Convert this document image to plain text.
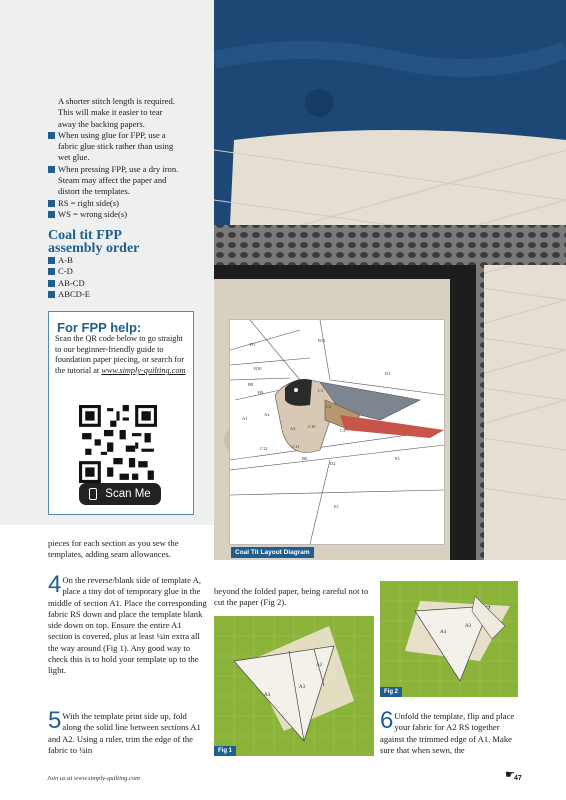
A shorter stitch length is required.
This will make it easier to tear
away the backing papers.
When using glue for FPP, use a
fabric glue stick rather than using
wet glue.
When pressing FPP, use a dry iron.
Steam may affect the paper and
distort the templates.
RS = right side(s)
WS = wrong side(s)
Coal tit FPP
assembly order
A-B
C-D
AB-CD
ABCD-E
For FPP help:
Scan the QR code below to go straight to our beginner-friendly guide to foundation paper piecing, or search for the tutorial at www.simply-quilting.com
Scan Me
B11
B1
B10
B8
B9
D1
A1
A2
A3
C1
C2
C3
C12	C11
C10
E1
D2
E1
B6
Coal Tit Layout Diagram
pieces for each section as you sew the templates, adding seam allowances.
4 On the reverse/blank side of template A, place a tiny dot of temporary glue in the middle of section A1. Place the corresponding fabric RS down and place the template blank side down on top. Ensure the entire A1 section is covered, plus at least ¼in extra all the way around (Fig 1). Any good way to check this is to hold your template up to the light.
5 With the template print side up, fold along the solid line between sections A1 and A2. Using a ruler, trim the edge of the fabric to ¼in
beyond the folded paper, being careful not to cut the paper (Fig 2).
A4
A3
A2
Fig 1
A4
A3
Fig 2
6 Unfold the template, flip and place your fabric for A2 RS together against the trimmed edge of A1. Make sure that when sewn, the
☛
Join us at www.simply-quilting.com	47
PassionForum.ru
